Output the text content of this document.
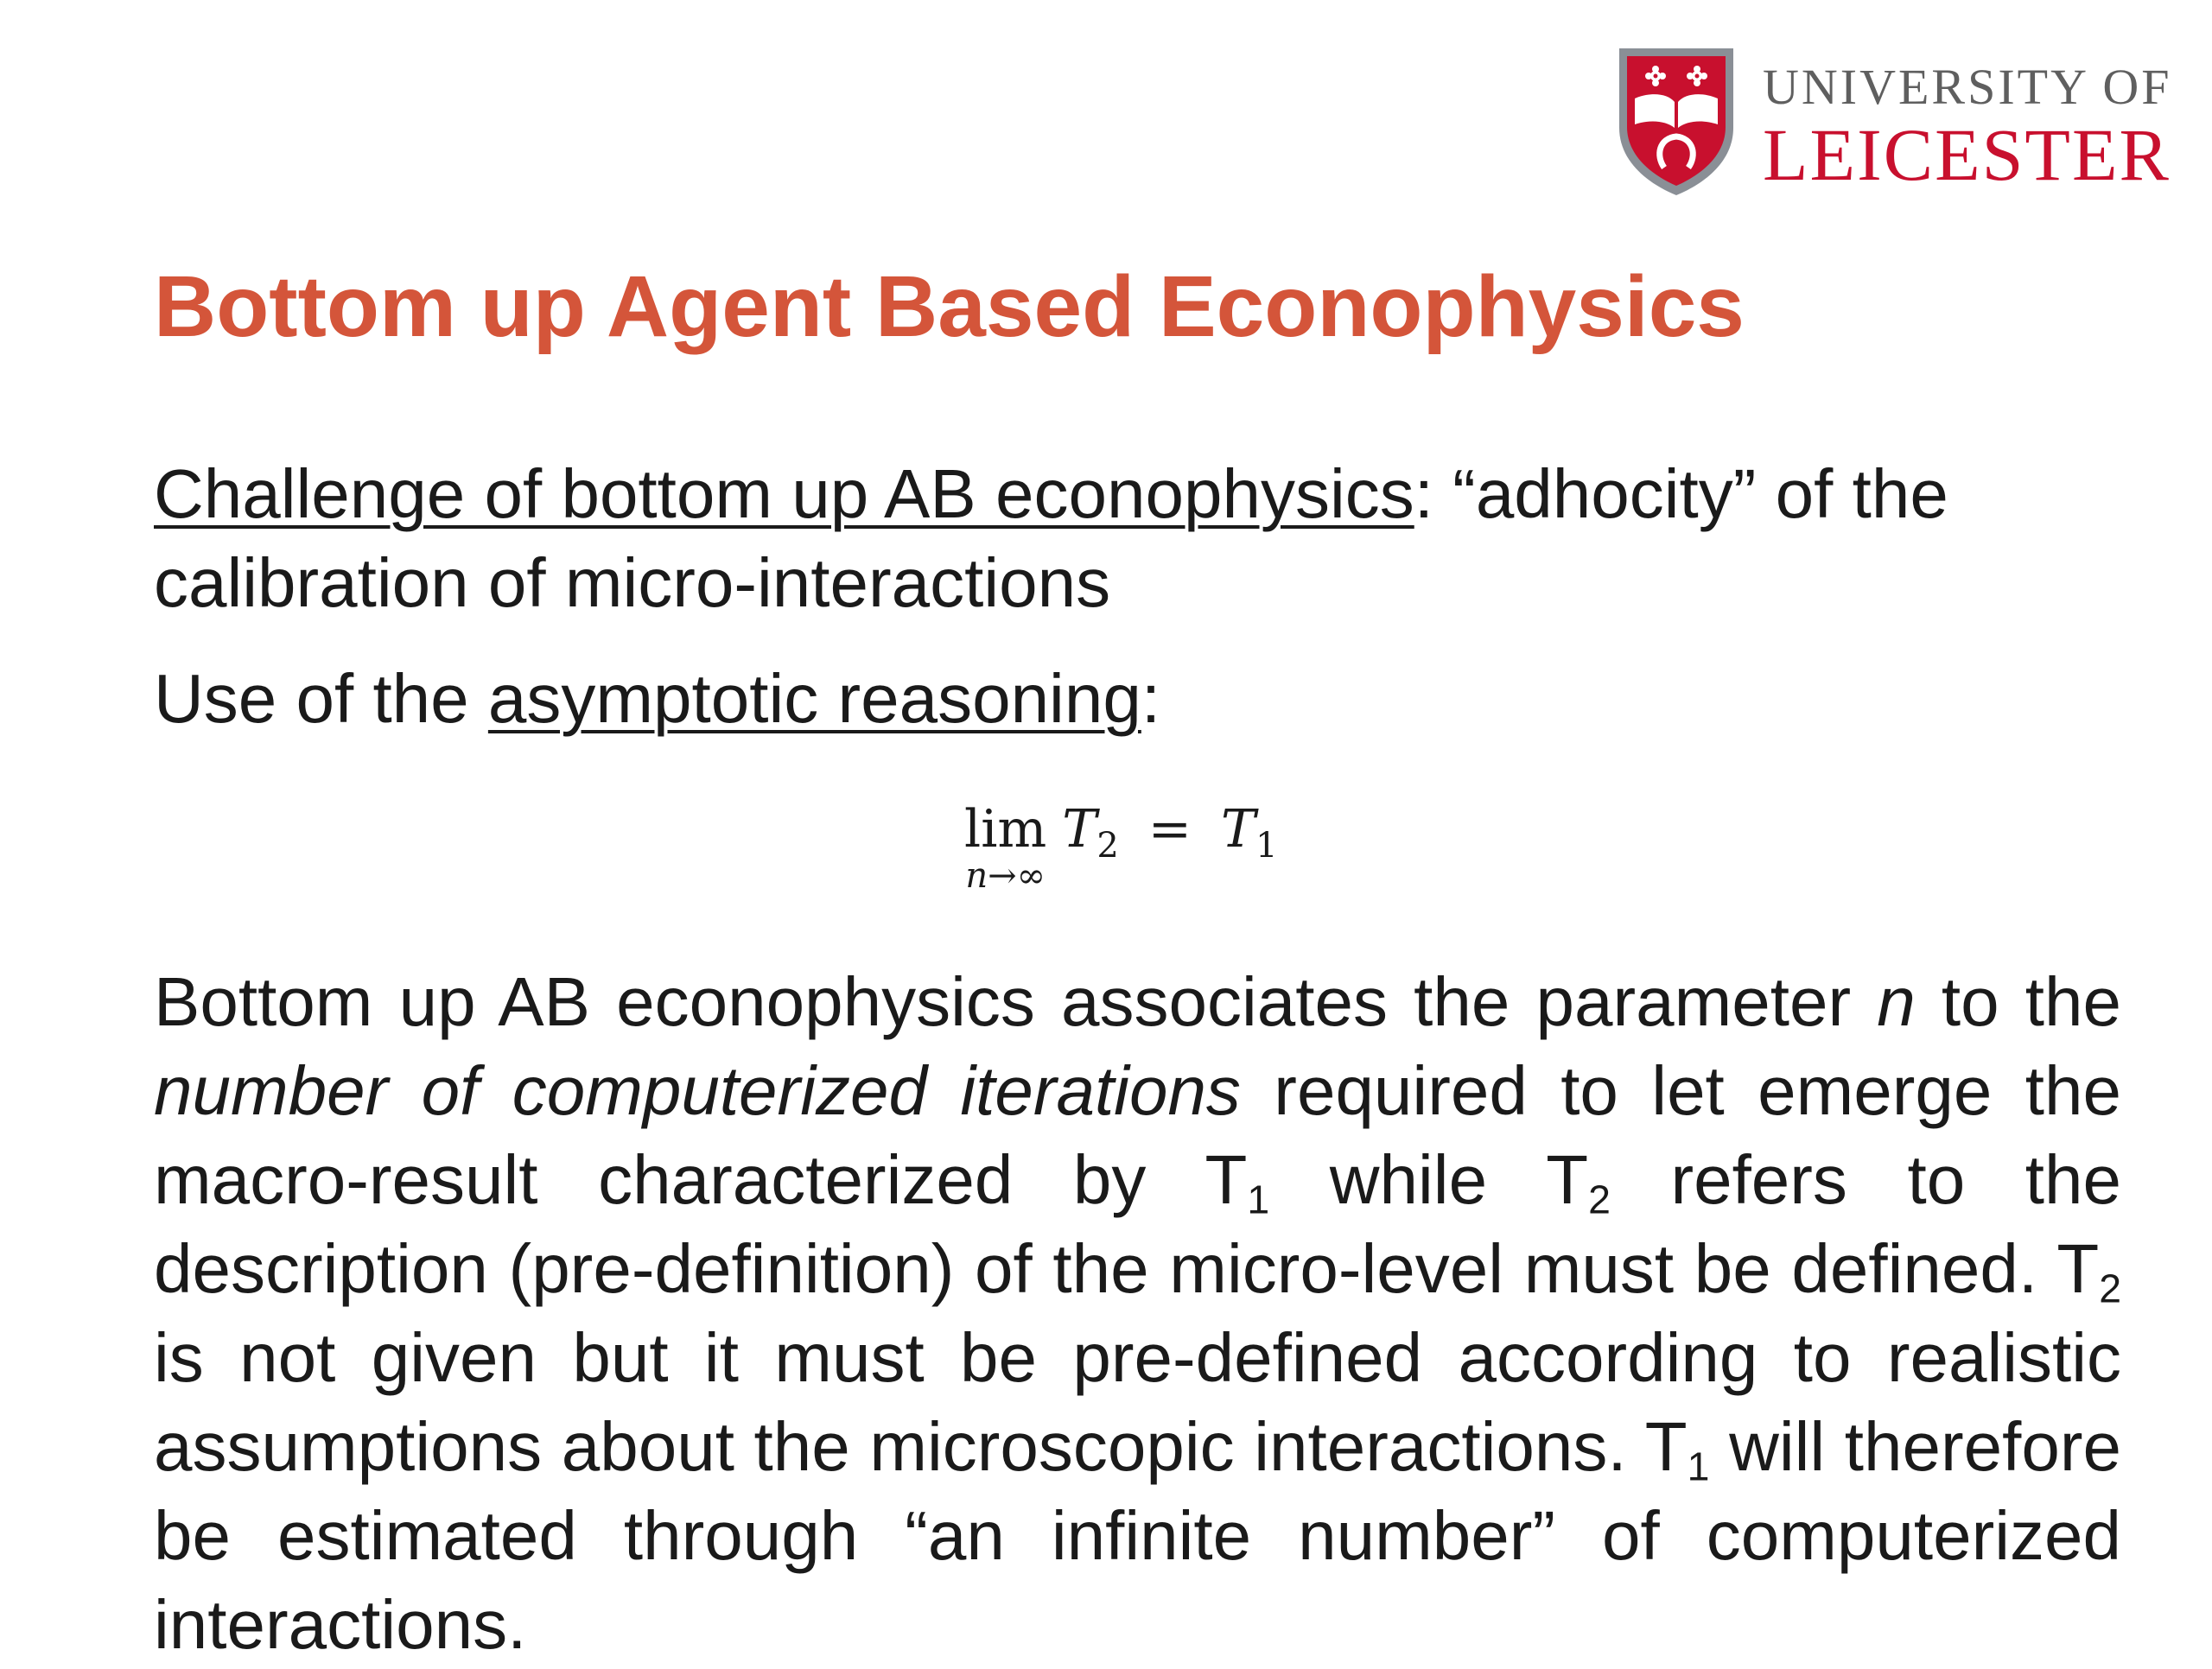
UNIVERSITY OF
LEICESTER
Bottom up Agent Based Econophysics

Challenge of bottom up AB econophysics: “adhocity” of the

calibration of micro-interactions

Use of the asymptotic reasoning:

lim
n→∞
$T_2 = T_1$

Bottom up AB econophysics associates the parameter n to the number of computerized iterations required to let emerge the macro-result characterized by $T_1$ while $T_2$ refers to the description (pre-definition) of the micro-level must be defined. $T_2$ is not given but it must be pre-defined according to realistic assumptions about the microscopic interactions. $T_1$ will therefore be estimated through “an infinite number” of computerized interactions.
